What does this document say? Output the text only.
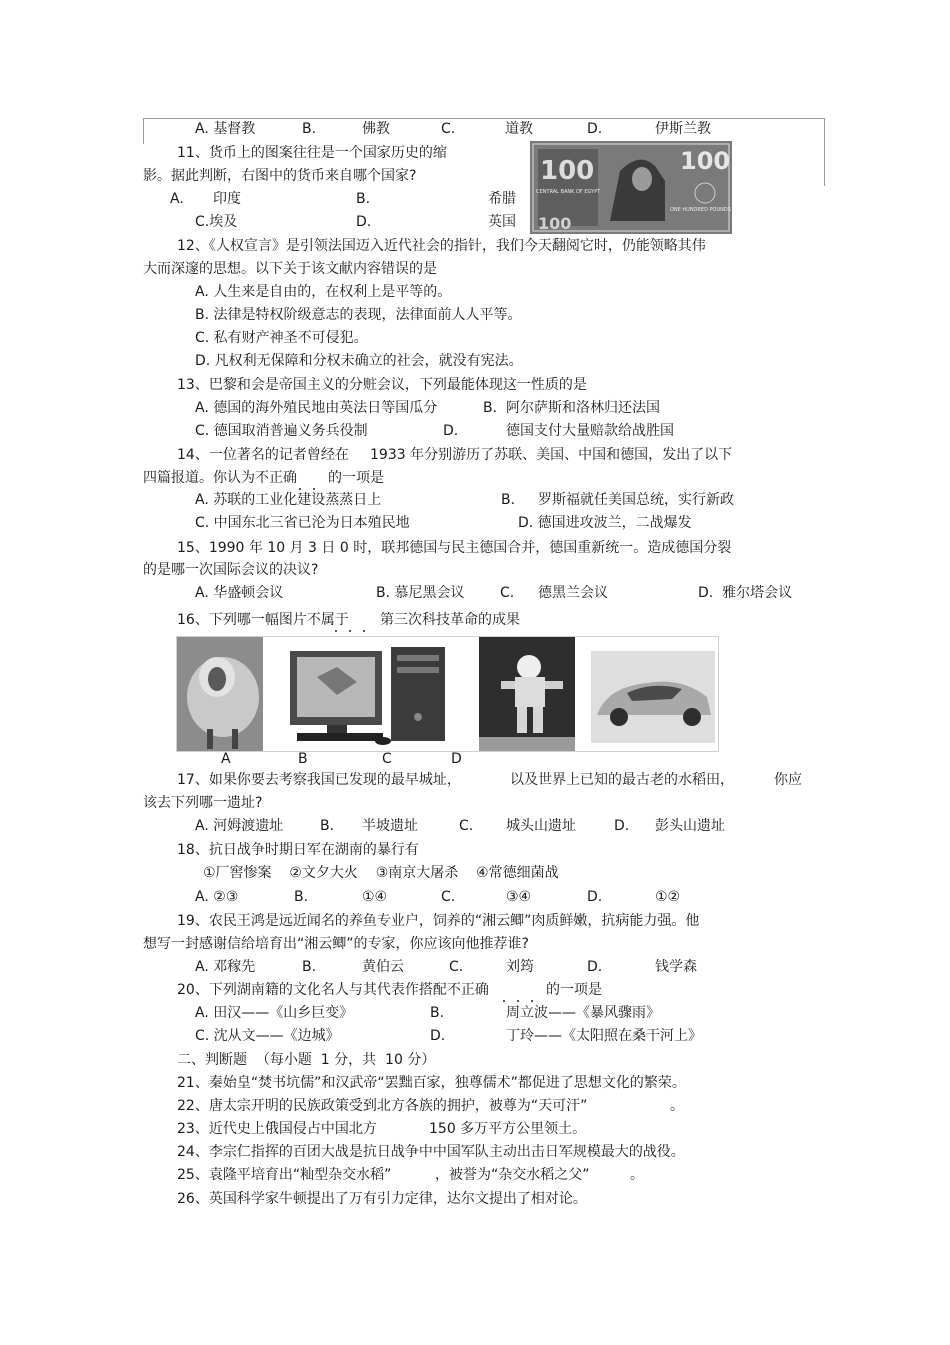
A. 基督教	B.	佛教	C.	道教	D.	伊斯兰教
11、货币上的图案往往是一个国家历史的缩
影。据此判断，右图中的货币来自哪个国家?
A. 印度	B.	希腊
C.埃及	D.	英国
100
CENTRAL BANK OF EGYPT
100
ONE HUNDRED POUNDS
100
12、《人权宣言》是引领法国迈入近代社会的指针，我们今天翻阅它时，仍能领略其伟
大而深邃的思想。以下关于该文献内容错误的是
A. 人生来是自由的，在权利上是平等的。
B. 法律是特权阶级意志的表现，法律面前人人平等。
C. 私有财产神圣不可侵犯。
D. 凡权利无保障和分权未确立的社会，就没有宪法。
13、巴黎和会是帝国主义的分赃会议，下列最能体现这一性质的是
A. 德国的海外殖民地由英法日等国瓜分	B.  阿尔萨斯和洛林归还法国
C. 德国取消普遍义务兵役制	D.	德国支付大量赔款给战胜国
14、一位著名的记者曾经在 1933 年分别游历了苏联、美国、中国和德国，发出了以下
四篇报道。你认为不正确 的一项是
A. 苏联的工业化建设蒸蒸日上	B. 罗斯福就任美国总统，实行新政
C. 中国东北三省已沦为日本殖民地	D. 德国进攻波兰，二战爆发
15、1990 年 10 月 3 日 0 时，联邦德国与民主德国合并，德国重新统一。造成德国分裂
的是哪一次国际会议的决议?
A. 华盛顿会议	B. 慕尼黑会议	C. 德黑兰会议	D.  雅尔塔会议
16、下列哪一幅图片不属于 第三次科技革命的成果
A	B	C	D
17、如果你要去考察我国已发现的最早城址，	以及世界上已知的最古老的水稻田，	你应
该去下列哪一遗址?
A. 河姆渡遗址	B. 半坡遗址	C. 城头山遗址	D. 彭头山遗址
18、抗日战争时期日军在湖南的暴行有
①厂窖惨案    ②文夕大火    ③南京大屠杀    ④常德细菌战
A. ②③	B.	①④	C.	③④	D.	①②
19、农民王鸿是远近闻名的养鱼专业户，饲养的“湘云鲫”肉质鲜嫩，抗病能力强。他
想写一封感谢信给培育出“湘云鲫”的专家，你应该向他推荐谁?
A. 邓稼先	B.	黄伯云	C.	刘筠	D.	钱学森
20、下列湖南籍的文化名人与其代表作搭配不正确	的一项是
A. 田汉——《山乡巨变》	B.	周立波——《暴风骤雨》
C. 沈从文——《边城》	D.	丁玲——《太阳照在桑干河上》
二、判断题  （每小题  1 分，共  10 分）
21、秦始皇“焚书坑儒”和汉武帝“罢黜百家，独尊儒术”都促进了思想文化的繁荣。
22、唐太宗开明的民族政策受到北方各族的拥护，被尊为“天可汗”	。
23、近代史上俄国侵占中国北方	150 多万平方公里领土。
24、李宗仁指挥的百团大战是抗日战争中中国军队主动出击日军规模最大的战役。
25、袁隆平培育出“籼型杂交水稻”	，被誉为“杂交水稻之父”	。
26、英国科学家牛顿提出了万有引力定律，达尔文提出了相对论。
